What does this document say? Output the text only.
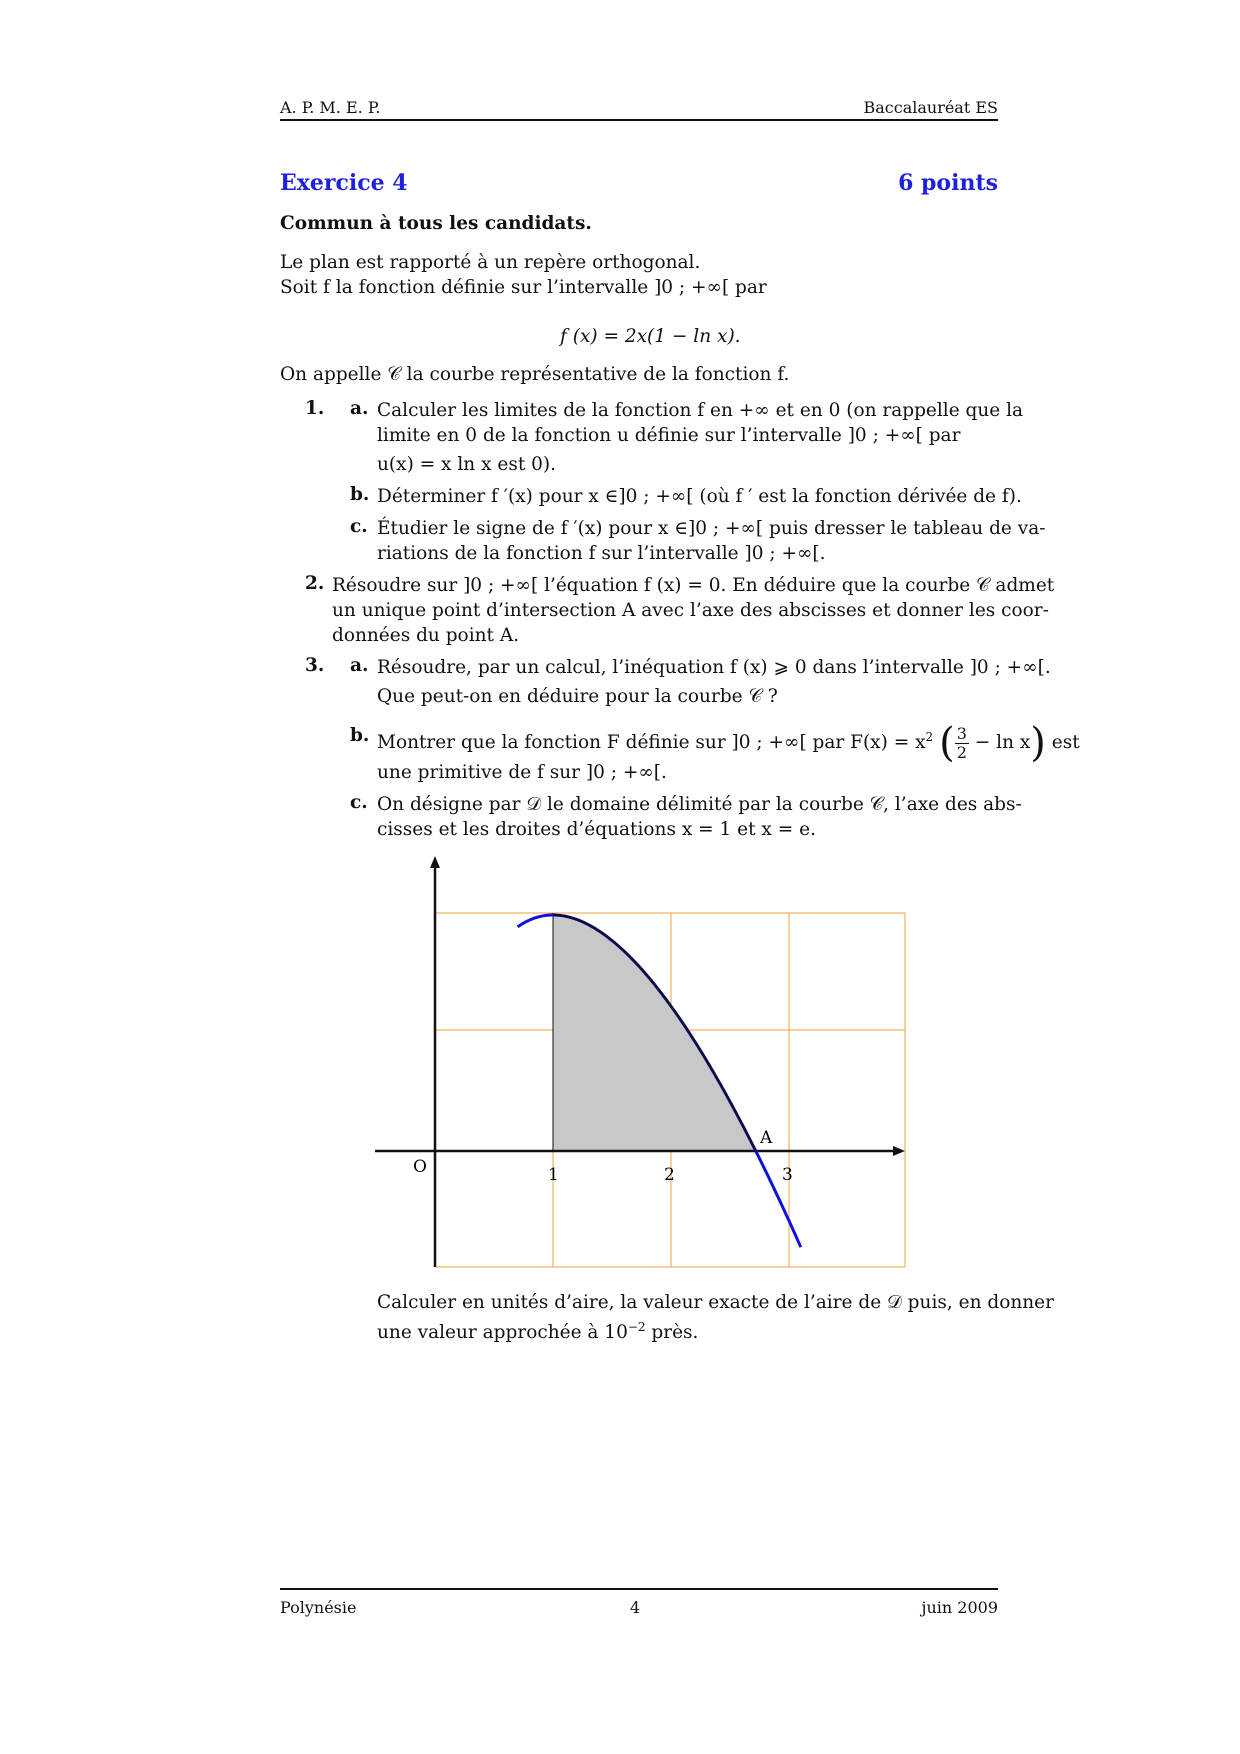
A. P. M. E. P.	Baccalauréat ES
Exercice 4	6 points
Commun à tous les candidats.
Le plan est rapporté à un repère orthogonal.
Soit f la fonction définie sur l’intervalle ]0 ; +∞[ par
f (x) = 2x(1 − ln x).
On appelle 𝒞 la courbe représentative de la fonction f.
1. a. Calculer les limites de la fonction f en +∞ et en 0 (on rappelle que la
limite en 0 de la fonction u définie sur l’intervalle ]0 ; +∞[ par
u(x) = x ln x est 0).
b. Déterminer f ′(x) pour x ∈]0 ; +∞[ (où f ′ est la fonction dérivée de f).
c. Étudier le signe de f ′(x) pour x ∈]0 ; +∞[ puis dresser le tableau de va-
riations de la fonction f sur l’intervalle ]0 ; +∞[.
2. Résoudre sur ]0 ; +∞[ l’équation f (x) = 0. En déduire que la courbe 𝒞 admet
un unique point d’intersection A avec l’axe des abscisses et donner les coor-
données du point A.
3. a. Résoudre, par un calcul, l’inéquation f (x) ⩾ 0 dans l’intervalle ]0 ; +∞[.
Que peut-on en déduire pour la courbe 𝒞 ?
b. Montrer que la fonction F définie sur ]0 ; +∞[ par $F(x) = x^2$ ( $\frac{3}{2} - \ln x$) est
une primitive de f sur ]0 ; +∞[.
c. On désigne par 𝒟 le domaine délimité par la courbe 𝒞, l’axe des abs-
cisses et les droites d’équations x = 1 et x = e.
O
A
1	2	3
Calculer en unités d’aire, la valeur exacte de l’aire de 𝒟 puis, en donner
une valeur approchée à $10^{-2}$ près.
Polynésie	4	juin 2009
